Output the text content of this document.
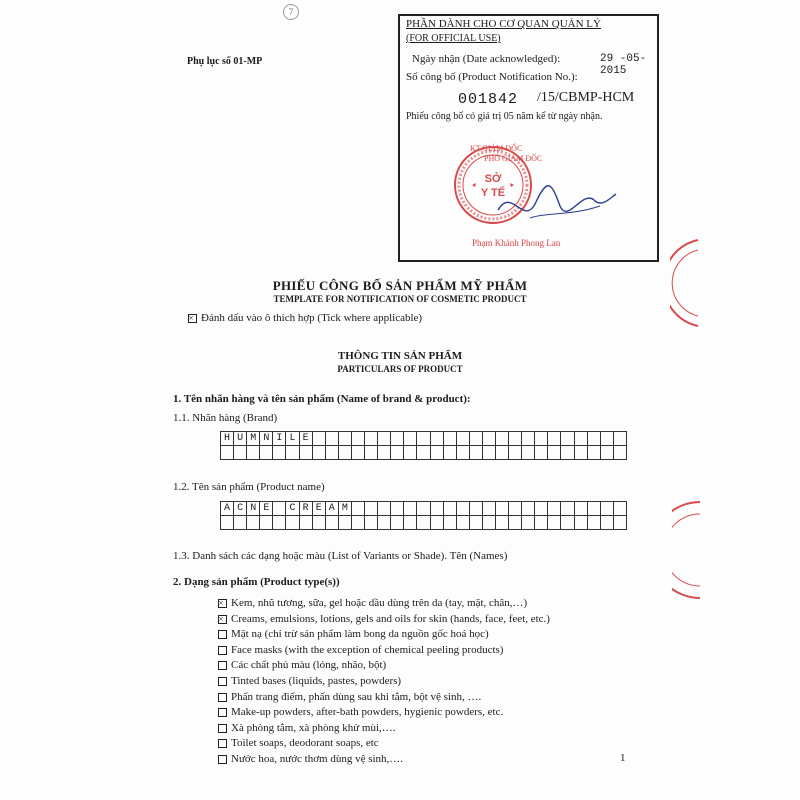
7
Phụ lục số 01-MP
PHẦN DÀNH CHO CƠ QUAN QUẢN LÝ
(FOR OFFICIAL USE)
Ngày nhận (Date acknowledged):	29 -05- 2015
Số công bố (Product Notification No.):
001842 /15/CBMP-HCM
Phiếu công bố có giá trị 05 năm kể từ ngày nhận.
SỞ
Y TẾ
KT.GIÁM ĐỐC
PHÓ GIÁM ĐỐC
Phạm Khánh Phong Lan
PHIẾU CÔNG BỐ SẢN PHẨM MỸ PHẨM
TEMPLATE FOR NOTIFICATION OF COSMETIC PRODUCT
×Đánh dấu vào ô thích hợp (Tick where applicable)
THÔNG TIN SẢN PHẨM
PARTICULARS OF PRODUCT
1. Tên nhãn hàng và tên sản phẩm (Name of brand & product):
1.1. Nhãn hàng (Brand)
H	U	M	N	I	L	E																								

1.2. Tên sản phẩm (Product name)
A	C	N	E		C	R	E	A	M																					

1.3. Danh sách các dạng hoặc màu (List of Variants or Shade). Tên (Names)
2. Dạng sản phẩm (Product type(s))
×Kem, nhũ tương, sữa, gel hoặc dầu dùng trên da (tay, mặt, chân,…)
×Creams, emulsions, lotions, gels and oils for skin (hands, face, feet, etc.)
Mặt nạ (chỉ trừ sản phẩm làm bong da nguồn gốc hoá học)
Face masks (with the exception of chemical peeling products)
Các chất phủ màu (lỏng, nhão, bột)
Tinted bases (liquids, pastes, powders)
Phấn trang điểm, phấn dùng sau khi tắm, bột vệ sinh, ….
Make-up powders, after-bath powders, hygienic powders, etc.
Xà phòng tắm, xà phòng khử mùi,….
Toilet soaps, deodorant soaps, etc
Nước hoa, nước thơm dùng vệ sinh,….	1
